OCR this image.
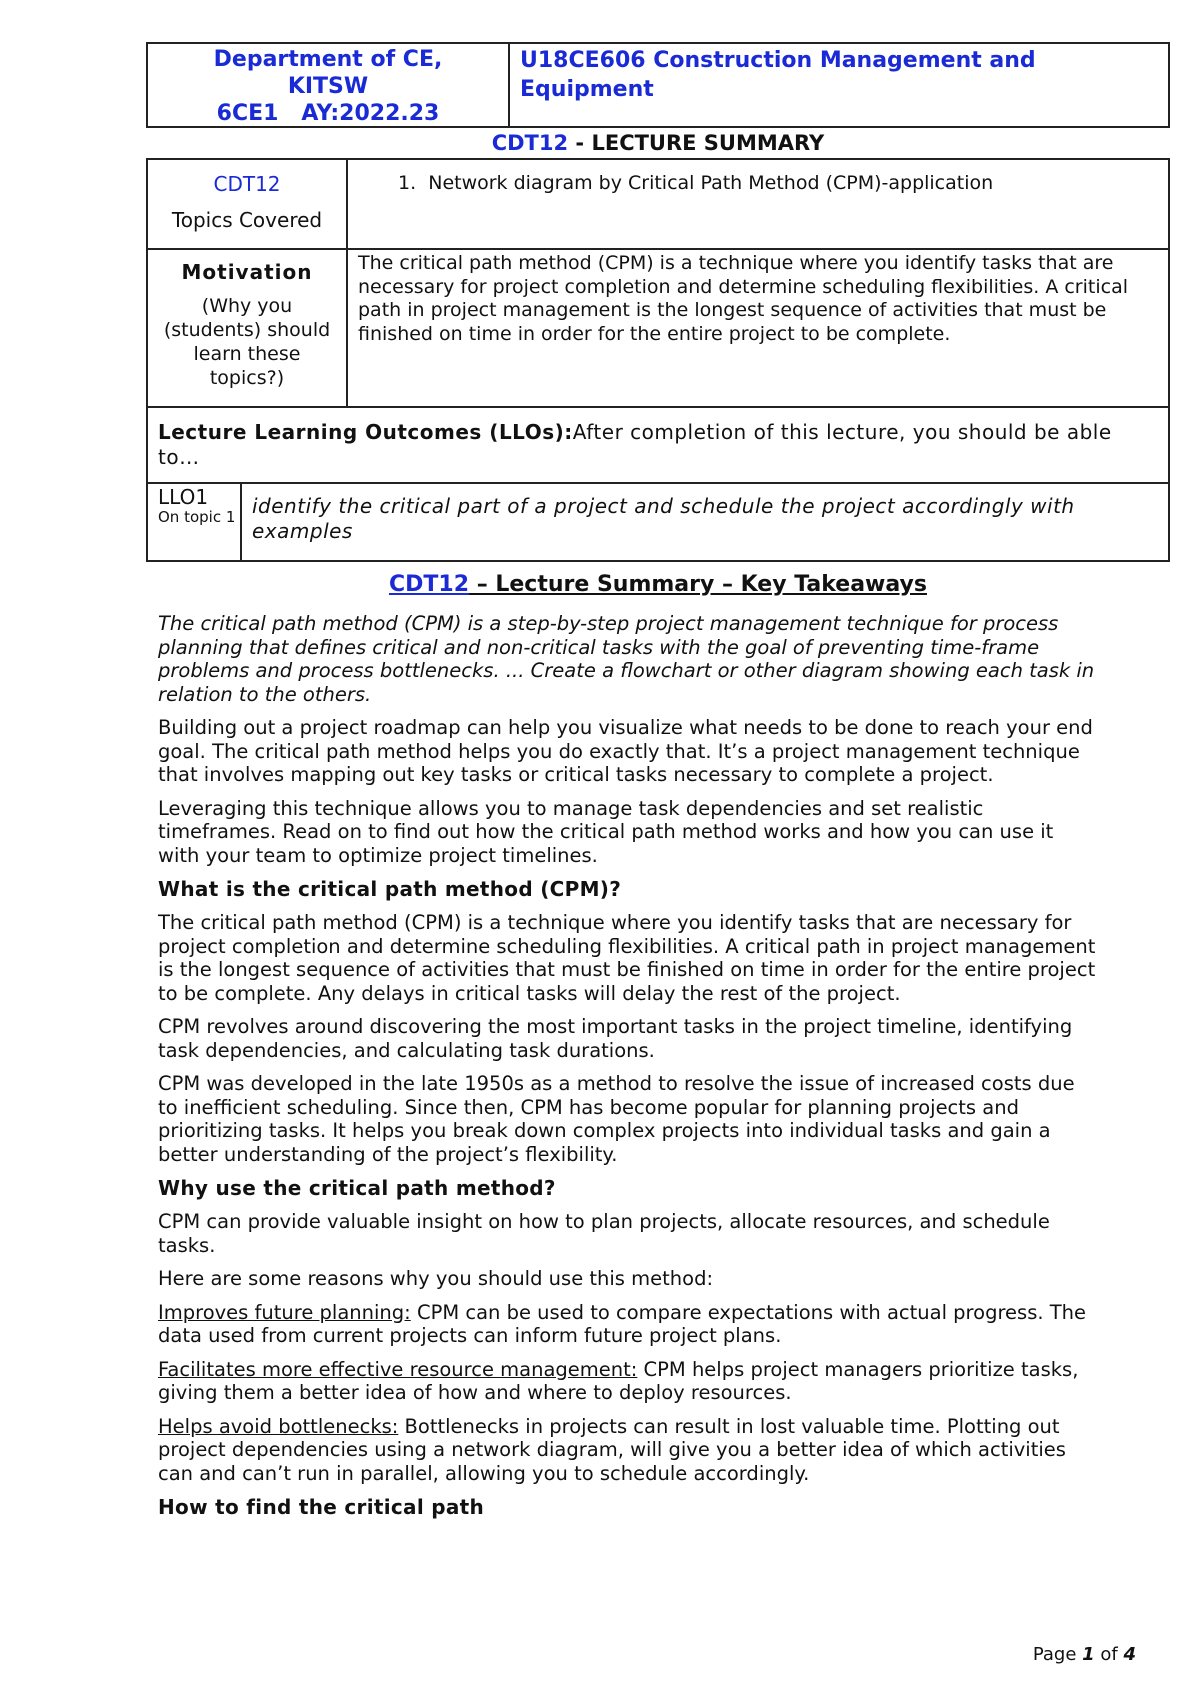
Department of CE,
KITSW
6CE1   AY:2022.23
U18CE606 Construction Management and Equipment
CDT12 - LECTURE SUMMARY
CDT12
Topics Covered
1. Network diagram by Critical Path Method (CPM)-application
Motivation
(Why you (students) should learn these topics?)
The critical path method (CPM) is a technique where you identify tasks that are necessary for project completion and determine scheduling flexibilities. A critical path in project management is the longest sequence of activities that must be finished on time in order for the entire project to be complete.
Lecture Learning Outcomes (LLOs):After completion of this lecture, you should be able to…
LLO1
On topic 1 identify the critical part of a project and schedule the project accordingly with examples
CDT12 – Lecture Summary – Key Takeaways

The critical path method (CPM) is a step-by-step project management technique for process planning that defines critical and non-critical tasks with the goal of preventing time-frame problems and process bottlenecks. ... Create a flowchart or other diagram showing each task in relation to the others.

Building out a project roadmap can help you visualize what needs to be done to reach your end goal. The critical path method helps you do exactly that. It’s a project management technique that involves mapping out key tasks or critical tasks necessary to complete a project.

Leveraging this technique allows you to manage task dependencies and set realistic timeframes. Read on to find out how the critical path method works and how you can use it with your team to optimize project timelines.

What is the critical path method (CPM)?

The critical path method (CPM) is a technique where you identify tasks that are necessary for project completion and determine scheduling flexibilities. A critical path in project management is the longest sequence of activities that must be finished on time in order for the entire project to be complete. Any delays in critical tasks will delay the rest of the project.

CPM revolves around discovering the most important tasks in the project timeline, identifying task dependencies, and calculating task durations.

CPM was developed in the late 1950s as a method to resolve the issue of increased costs due to inefficient scheduling. Since then, CPM has become popular for planning projects and prioritizing tasks. It helps you break down complex projects into individual tasks and gain a better understanding of the project’s flexibility.

Why use the critical path method?

CPM can provide valuable insight on how to plan projects, allocate resources, and schedule tasks.

Here are some reasons why you should use this method:

Improves future planning: CPM can be used to compare expectations with actual progress. The data used from current projects can inform future project plans.

Facilitates more effective resource management: CPM helps project managers prioritize tasks, giving them a better idea of how and where to deploy resources.

Helps avoid bottlenecks: Bottlenecks in projects can result in lost valuable time. Plotting out project dependencies using a network diagram, will give you a better idea of which activities can and can’t run in parallel, allowing you to schedule accordingly.

How to find the critical path
Page 1 of 4
